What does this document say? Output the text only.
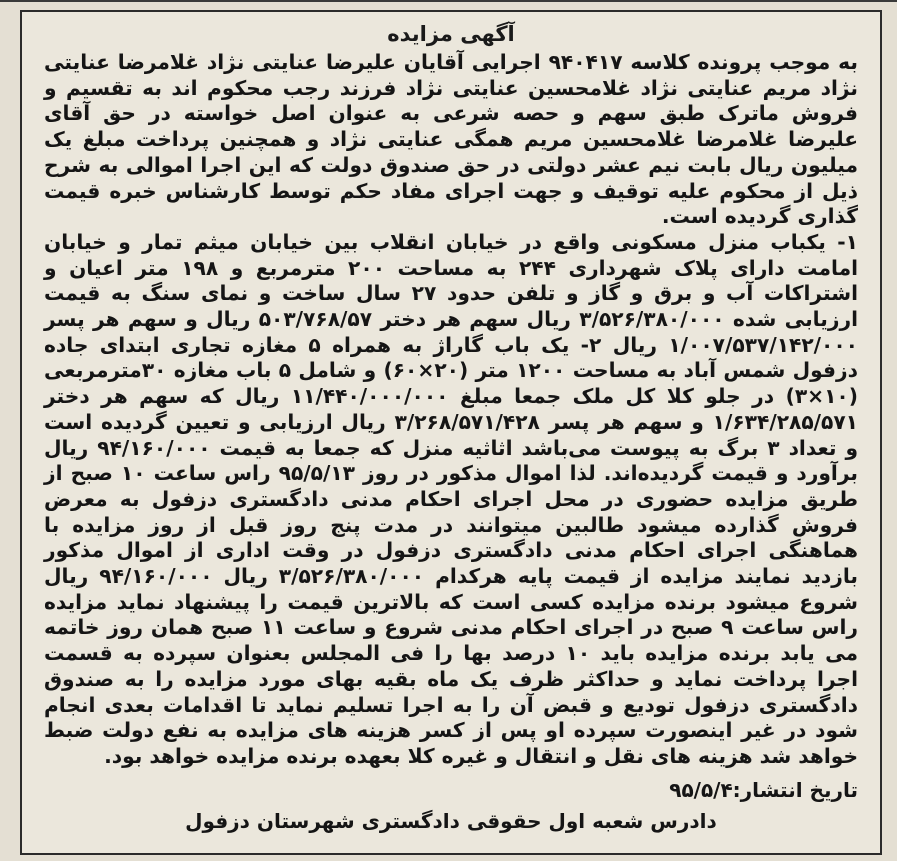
آگهی مزایده

به موجب پرونده کلاسه ۹۴۰۴۱۷ اجرایی آقایان علیرضا عنایتی نژاد غلامرضا عنایتی نژاد مریم عنایتی نژاد غلامحسین عنایتی نژاد فرزند رجب محکوم اند به تقسیم و فروش ماترک طبق سهم و حصه شرعی به عنوان اصل خواسته در حق آقای علیرضا غلامرضا غلامحسین مریم همگی عنایتی نژاد و همچنین پرداخت مبلغ یک میلیون ریال بابت نیم عشر دولتی در حق صندوق دولت که این اجرا اموالی به شرح ذیل از محکوم علیه توقیف و جهت اجرای مفاد حکم توسط کارشناس خبره قیمت گذاری گردیده است.

۱- یکباب منزل مسکونی واقع در خیابان انقلاب بین خیابان میثم تمار و خیابان امامت دارای پلاک شهرداری ۲۴۴ به مساحت ۲۰۰ مترمربع و ۱۹۸ متر اعیان و اشتراکات آب و برق و گاز و تلفن حدود ۲۷ سال ساخت و نمای سنگ به قیمت ارزیابی شده ۳/۵۲۶/۳۸۰/۰۰۰ ریال سهم هر دختر ۵۰۳/۷۶۸/۵۷ ریال و سهم هر پسر ۱/۰۰۷/۵۳۷/۱۴۲/۰۰۰ ریال ۲- یک باب گاراژ به همراه ۵ مغازه تجاری ابتدای جاده دزفول شمس آباد به مساحت ۱۲۰۰ متر (۲۰×۶۰) و شامل ۵ باب مغازه ۳۰مترمربعی (۱۰×۳) در جلو کلا کل ملک جمعا مبلغ ۱۱/۴۴۰/۰۰۰/۰۰۰ ریال که سهم هر دختر ۱/۶۳۴/۲۸۵/۵۷۱ و سهم هر پسر ۳/۲۶۸/۵۷۱/۴۲۸ ریال ارزیابی و تعیین گردیده است و تعداد ۳ برگ به پیوست می‌باشد اثاثیه منزل که جمعا به قیمت ۹۴/۱۶۰/۰۰۰ ریال برآورد و قیمت گردیده‌اند. لذا اموال مذکور در روز ۹۵/۵/۱۳ راس ساعت ۱۰ صبح از طریق مزایده حضوری در محل اجرای احکام مدنی دادگستری دزفول به معرض فروش گذارده میشود طالبین میتوانند در مدت پنج روز قبل از روز مزایده با هماهنگی اجرای احکام مدنی دادگستری دزفول در وقت اداری از اموال مذکور بازدید نمایند مزایده از قیمت پایه هرکدام ۳/۵۲۶/۳۸۰/۰۰۰ ریال ۹۴/۱۶۰/۰۰۰ ریال شروع میشود برنده مزایده کسی است که بالاترین قیمت را پیشنهاد نماید مزایده راس ساعت ۹ صبح در اجرای احکام مدنی شروع و ساعت ۱۱ صبح همان روز خاتمه می یابد برنده مزایده باید ۱۰ درصد بها را فی المجلس بعنوان سپرده به قسمت اجرا پرداخت نماید و حداکثر ظرف یک ماه بقیه بهای مورد مزایده را به صندوق دادگستری دزفول تودیع و قبض آن را به اجرا تسلیم نماید تا اقدامات بعدی انجام شود در غیر اینصورت سپرده او پس از کسر هزینه های مزایده به نفع دولت ضبط خواهد شد هزینه های نقل و انتقال و غیره کلا بعهده برنده مزایده خواهد بود.

تاریخ انتشار:۹۵/۵/۴
دادرس شعبه اول حقوقی دادگستری شهرستان دزفول
